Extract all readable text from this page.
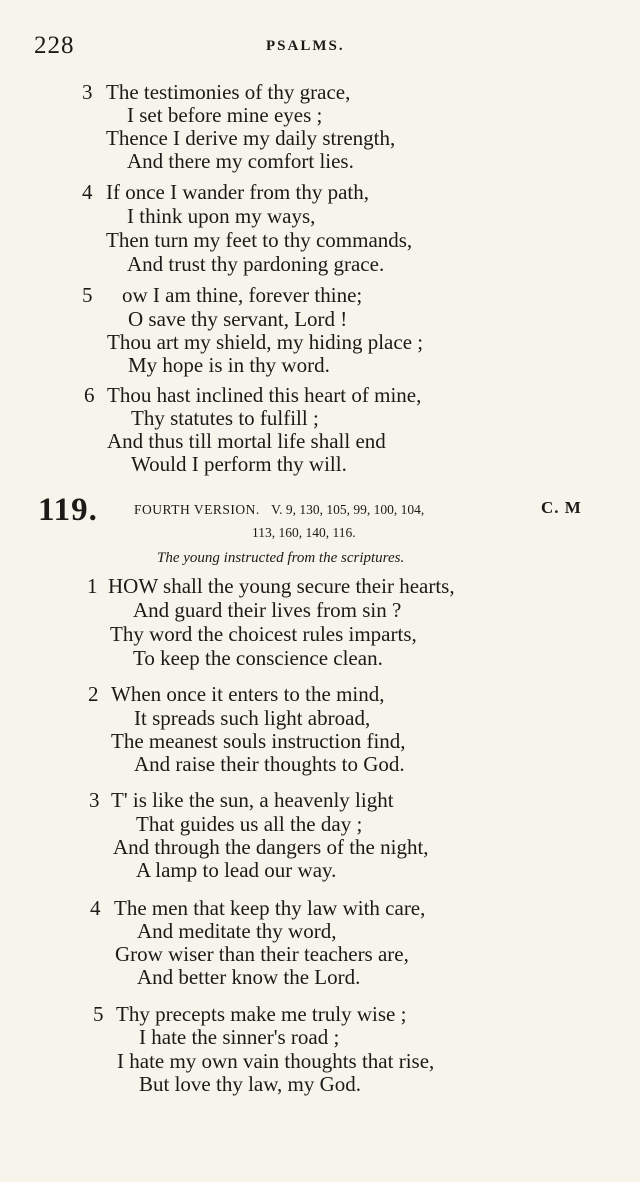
228	PSALMS.
3 The testimonies of thy grace,
I set before mine eyes ;
Thence I derive my daily strength,
And there my comfort lies.
4 If once I wander from thy path,
I think upon my ways,
Then turn my feet to thy commands,
And trust thy pardoning grace.
5 ow I am thine, forever thine;
O save thy servant, Lord !
Thou art my shield, my hiding place ;
My hope is in thy word.
6 Thou hast inclined this heart of mine,
Thy statutes to fulfill ;
And thus till mortal life shall end
Would I perform thy will.
119.	FOURTH VERSION. V. 9, 130, 105, 99, 100, 104,
113, 160, 140, 116.
C. M
The young instructed from the scriptures.
1 HOW shall the young secure their hearts,
And guard their lives from sin ?
Thy word the choicest rules imparts,
To keep the conscience clean.
2 When once it enters to the mind,
It spreads such light abroad,
The meanest souls instruction find,
And raise their thoughts to God.
3 T' is like the sun, a heavenly light
That guides us all the day ;
And through the dangers of the night,
A lamp to lead our way.
4 The men that keep thy law with care,
And meditate thy word,
Grow wiser than their teachers are,
And better know the Lord.
5 Thy precepts make me truly wise ;
I hate the sinner's road ;
I hate my own vain thoughts that rise,
But love thy law, my God.
